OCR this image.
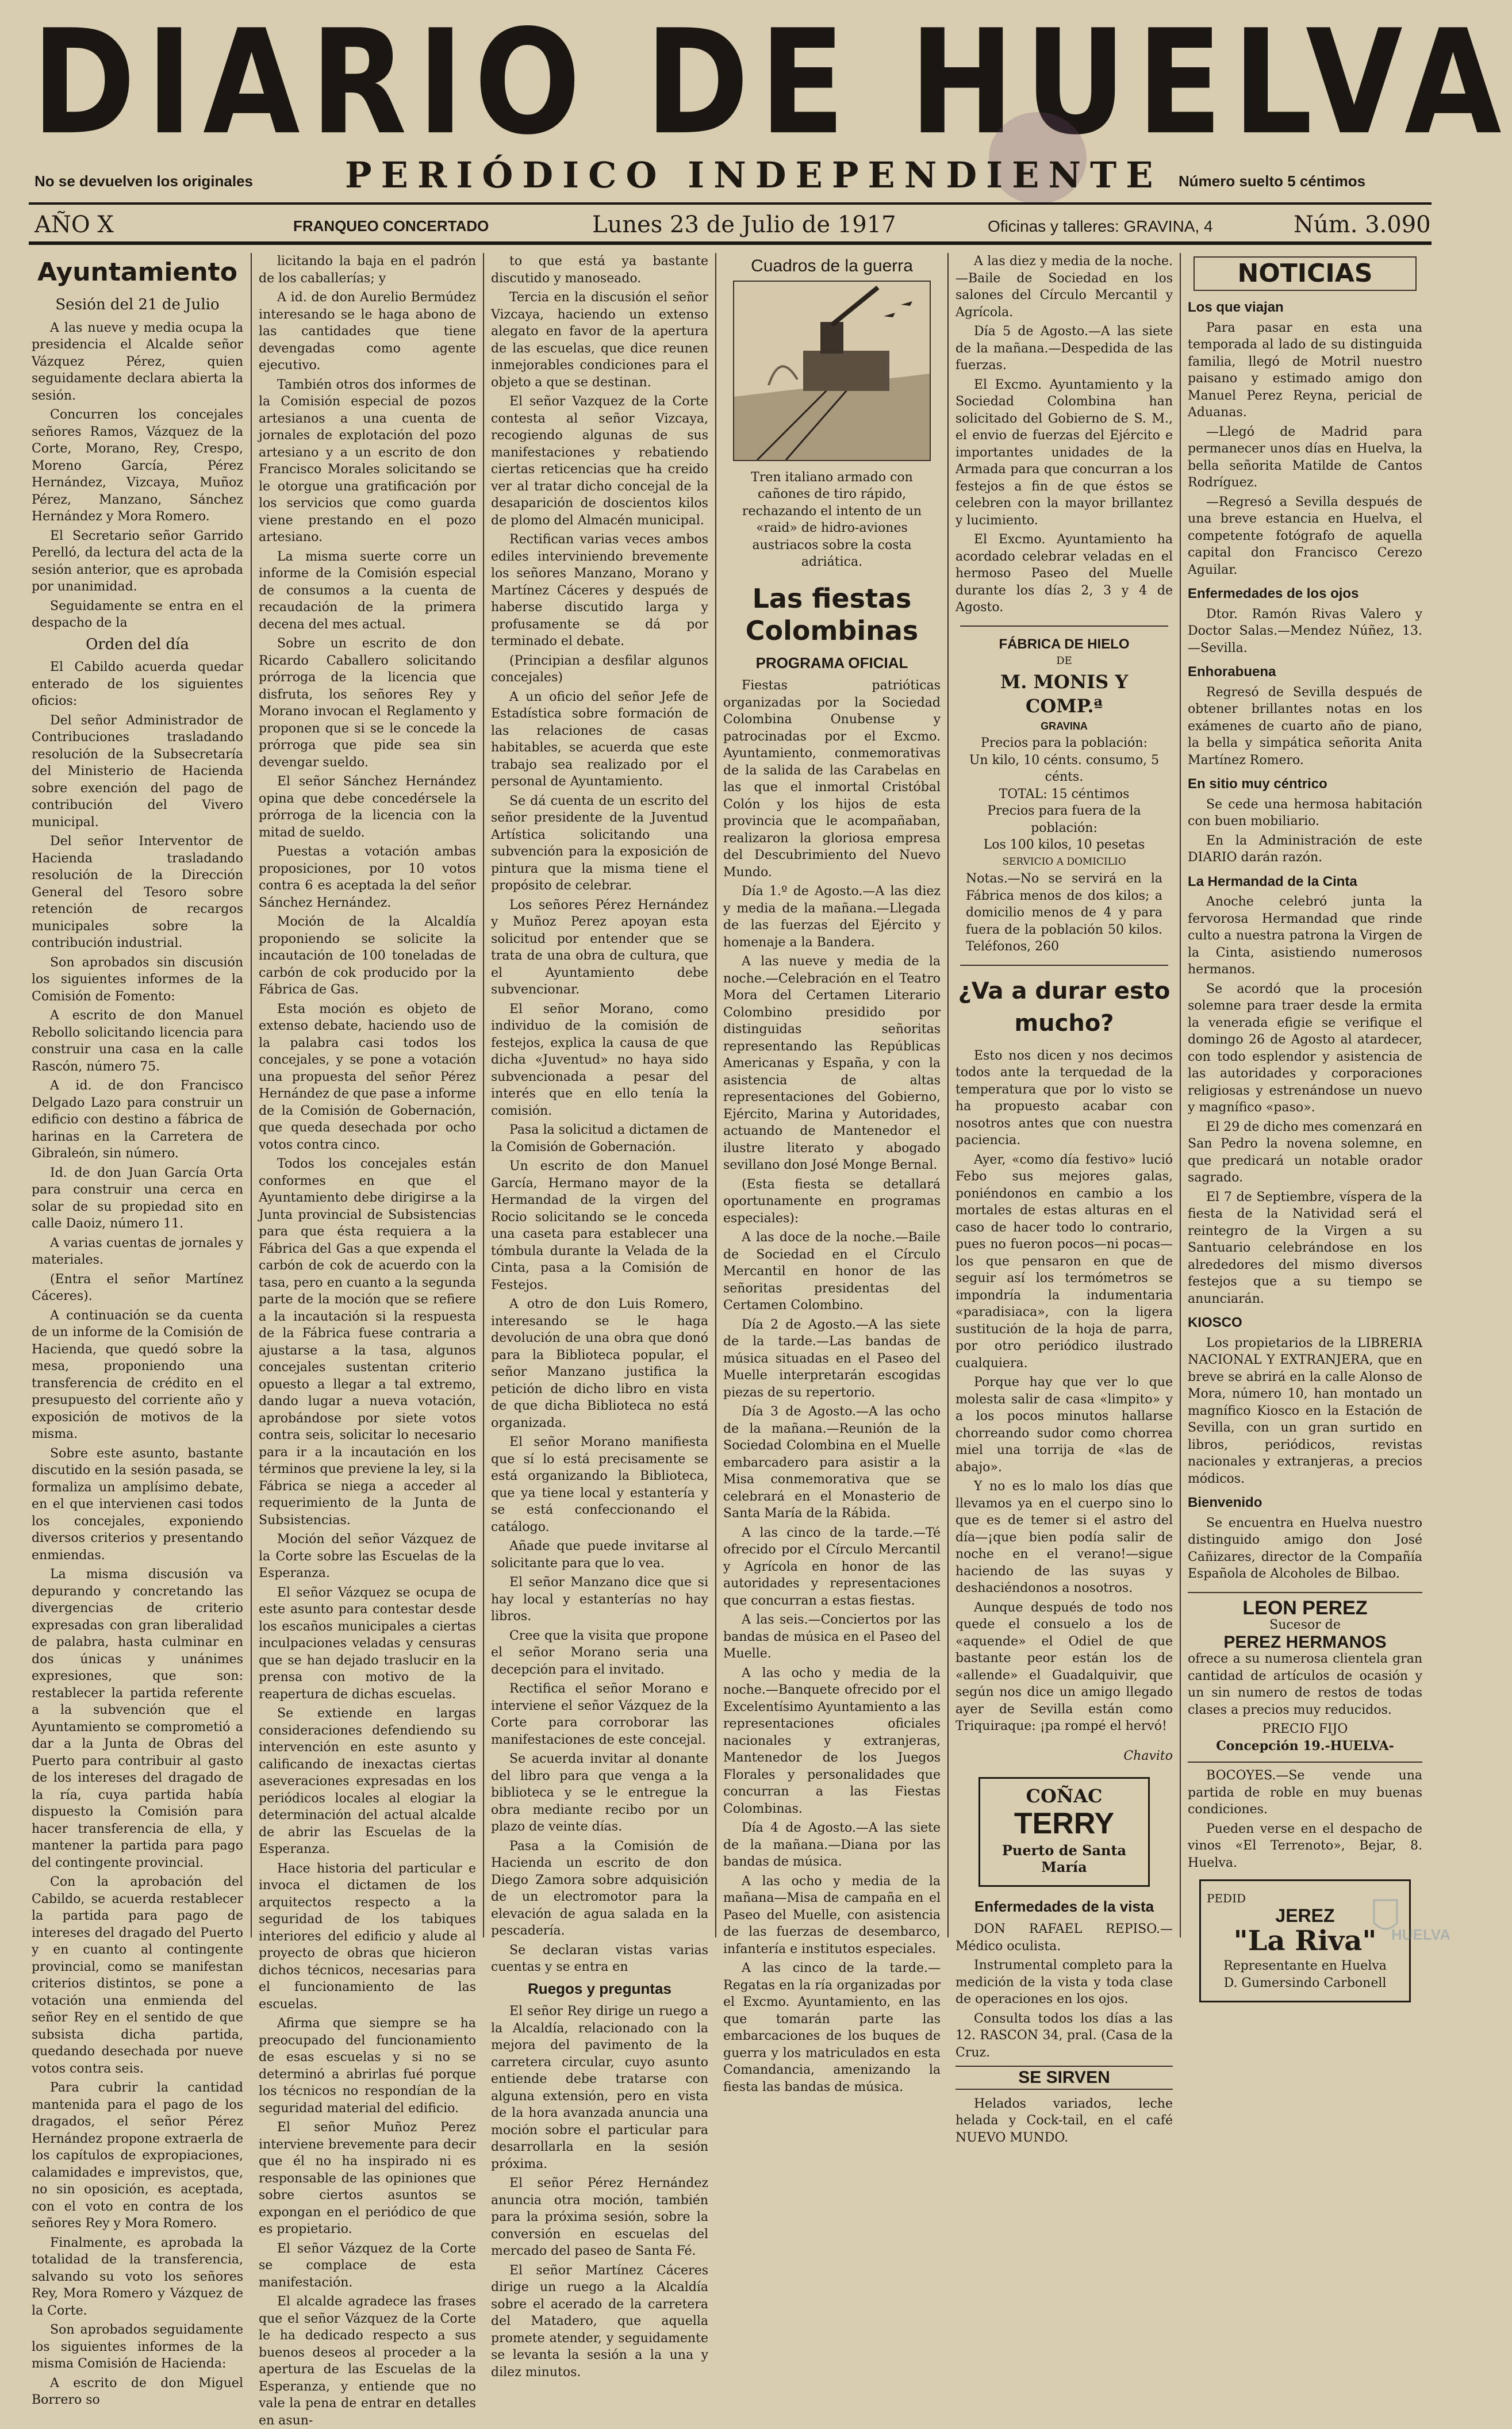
DIARIO DE HUELVA
No se devuelven los originales	PERIÓDICO INDEPENDIENTE Número suelto 5 céntimos
AÑO X	FRANQUEO CONCERTADO	Lunes 23 de Julio de 1917	Oficinas y talleres: GRAVINA, 4	Núm. 3.090
Ayuntamiento
Sesión del 21 de Julio

A las nueve y media ocupa la presidencia el Alcalde señor Vázquez Pérez, quien seguidamente declara abierta la sesión.

Concurren los concejales señores Ramos, Vázquez de la Corte, Morano, Rey, Crespo, Moreno García, Pérez Hernández, Vizcaya, Muñoz Pérez, Manzano, Sánchez Hernández y Mora Romero.

El Secretario señor Garrido Perelló, da lectura del acta de la sesión anterior, que es aprobada por unanimidad.

Seguidamente se entra en el despacho de la

Orden del día

El Cabildo acuerda quedar enterado de los siguientes oficios:

Del señor Administrador de Contribuciones trasladando resolución de la Subsecretaría del Ministerio de Hacienda sobre exención del pago de contribución del Vivero municipal.

Del señor Interventor de Hacienda trasladando resolución de la Dirección General del Tesoro sobre retención de recargos municipales sobre la contribución industrial.

Son aprobados sin discusión los siguientes informes de la Comisión de Fomento:

A escrito de don Manuel Rebollo solicitando licencia para construir una casa en la calle Rascón, número 75.

A id. de don Francisco Delgado Lazo para construir un edificio con destino a fábrica de harinas en la Carretera de Gibraleón, sin número.

Id. de don Juan García Orta para construir una cerca en solar de su propiedad sito en calle Daoiz, número 11.

A varias cuentas de jornales y materiales.

(Entra el señor Martínez Cáceres).

A continuación se da cuenta de un informe de la Comisión de Hacienda, que quedó sobre la mesa, proponiendo una transferencia de crédito en el presupuesto del corriente año y exposición de motivos de la misma.

Sobre este asunto, bastante discutido en la sesión pasada, se formaliza un amplísimo debate, en el que intervienen casi todos los concejales, exponiendo diversos criterios y presentando enmiendas.

La misma discusión va depurando y concretando las divergencias de criterio expresadas con gran liberalidad de palabra, hasta culminar en dos únicas y unánimes expresiones, que son: restablecer la partida referente a la subvención que el Ayuntamiento se comprometió a dar a la Junta de Obras del Puerto para contribuir al gasto de los intereses del dragado de la ría, cuya partida había dispuesto la Comisión para hacer transferencia de ella, y mantener la partida para pago del contingente provincial.

Con la aprobación del Cabildo, se acuerda restablecer la partida para pago de intereses del dragado del Puerto y en cuanto al contingente provincial, como se manifestan criterios distintos, se pone a votación una enmienda del señor Rey en el sentido de que subsista dicha partida, quedando desechada por nueve votos contra seis.

Para cubrir la cantidad mantenida para el pago de los dragados, el señor Pérez Hernández propone extraerla de los capítulos de expropiaciones, calamidades e imprevistos, que, no sin oposición, es aceptada, con el voto en contra de los señores Rey y Mora Romero.

Finalmente, es aprobada la totalidad de la transferencia, salvando su voto los señores Rey, Mora Romero y Vázquez de la Corte.

Son aprobados seguidamente los siguientes informes de la misma Comisión de Hacienda:

A escrito de don Miguel Borrero so

licitando la baja en el padrón de los caballerías; y

A id. de don Aurelio Bermúdez interesando se le haga abono de las cantidades que tiene devengadas como agente ejecutivo.

También otros dos informes de la Comisión especial de pozos artesianos a una cuenta de jornales de explotación del pozo artesiano y a un escrito de don Francisco Morales solicitando se le otorgue una gratificación por los servicios que como guarda viene prestando en el pozo artesiano.

La misma suerte corre un informe de la Comisión especial de consumos a la cuenta de recaudación de la primera decena del mes actual.

Sobre un escrito de don Ricardo Caballero solicitando prórroga de la licencia que disfruta, los señores Rey y Morano invocan el Reglamento y proponen que si se le concede la prórroga que pide sea sin devengar sueldo.

El señor Sánchez Hernández opina que debe concedérsele la prórroga de la licencia con la mitad de sueldo.

Puestas a votación ambas proposiciones, por 10 votos contra 6 es aceptada la del señor Sánchez Hernández.

Moción de la Alcaldía proponiendo se solicite la incautación de 100 toneladas de carbón de cok producido por la Fábrica de Gas.

Esta moción es objeto de extenso debate, haciendo uso de la palabra casi todos los concejales, y se pone a votación una propuesta del señor Pérez Hernández de que pase a informe de la Comisión de Gobernación, que queda desechada por ocho votos contra cinco.

Todos los concejales están conformes en que el Ayuntamiento debe dirigirse a la Junta provincial de Subsistencias para que ésta requiera a la Fábrica del Gas a que expenda el carbón de cok de acuerdo con la tasa, pero en cuanto a la segunda parte de la moción que se refiere a la incautación si la respuesta de la Fábrica fuese contraria a ajustarse a la tasa, algunos concejales sustentan criterio opuesto a llegar a tal extremo, dando lugar a nueva votación, aprobándose por siete votos contra seis, solicitar lo necesario para ir a la incautación en los términos que previene la ley, si la Fábrica se niega a acceder al requerimiento de la Junta de Subsistencias.

Moción del señor Vázquez de la Corte sobre las Escuelas de la Esperanza.

El señor Vázquez se ocupa de este asunto para contestar desde los escaños municipales a ciertas inculpaciones veladas y censuras que se han dejado traslucir en la prensa con motivo de la reapertura de dichas escuelas.

Se extiende en largas consideraciones defendiendo su intervención en este asunto y calificando de inexactas ciertas aseveraciones expresadas en los periódicos locales al elogiar la determinación del actual alcalde de abrir las Escuelas de la Esperanza.

Hace historia del particular e invoca el dictamen de los arquitectos respecto a la seguridad de los tabiques interiores del edificio y alude al proyecto de obras que hicieron dichos técnicos, necesarias para el funcionamiento de las escuelas.

Afirma que siempre se ha preocupado del funcionamiento de esas escuelas y si no se determinó a abrirlas fué porque los técnicos no respondían de la seguridad material del edificio.

El señor Muñoz Perez interviene brevemente para decir que él no ha inspirado ni es responsable de las opiniones que sobre ciertos asuntos se expongan en el periódico de que es propietario.

El señor Vázquez de la Corte se complace de esta manifestación.

El alcalde agradece las frases que el señor Vázquez de la Corte le ha dedicado respecto a sus buenos deseos al proceder a la apertura de las Escuelas de la Esperanza, y entiende que no vale la pena de entrar en detalles en asun-

to que está ya bastante discutido y manoseado.

Tercia en la discusión el señor Vizcaya, haciendo un extenso alegato en favor de la apertura de las escuelas, que dice reunen inmejorables condiciones para el objeto a que se destinan.

El señor Vazquez de la Corte contesta al señor Vizcaya, recogiendo algunas de sus manifestaciones y rebatiendo ciertas reticencias que ha creido ver al tratar dicho concejal de la desaparición de doscientos kilos de plomo del Almacén municipal.

Rectifican varias veces ambos ediles interviniendo brevemente los señores Manzano, Morano y Martínez Cáceres y después de haberse discutido larga y profusamente se dá por terminado el debate.

(Principian a desfilar algunos concejales)

A un oficio del señor Jefe de Estadística sobre formación de las relaciones de casas habitables, se acuerda que este trabajo sea realizado por el personal de Ayuntamiento.

Se dá cuenta de un escrito del señor presidente de la Juventud Artística solicitando una subvención para la exposición de pintura que la misma tiene el propósito de celebrar.

Los señores Pérez Hernández y Muñoz Perez apoyan esta solicitud por entender que se trata de una obra de cultura, que el Ayuntamiento debe subvencionar.

El señor Morano, como individuo de la comisión de festejos, explica la causa de que dicha «Juventud» no haya sido subvencionada a pesar del interés que en ello tenía la comisión.

Pasa la solicitud a dictamen de la Comisión de Gobernación.

Un escrito de don Manuel García, Hermano mayor de la Hermandad de la virgen del Rocio solicitando se le conceda una caseta para establecer una tómbula durante la Velada de la Cinta, pasa a la Comisión de Festejos.

A otro de don Luis Romero, interesando se le haga devolución de una obra que donó para la Biblioteca popular, el señor Manzano justifica la petición de dicho libro en vista de que dicha Biblioteca no está organizada.

El señor Morano manifiesta que sí lo está precisamente se está organizando la Biblioteca, que ya tiene local y estantería y se está confeccionando el catálogo.

Añade que puede invitarse al solicitante para que lo vea.

El señor Manzano dice que si hay local y estanterías no hay libros.

Cree que la visita que propone el señor Morano seria una decepción para el invitado.

Rectifica el señor Morano e interviene el señor Vázquez de la Corte para corroborar las manifestaciones de este concejal.

Se acuerda invitar al donante del libro para que venga a la biblioteca y se le entregue la obra mediante recibo por un plazo de veinte días.

Pasa a la Comisión de Hacienda un escrito de don Diego Zamora sobre adquisición de un electromotor para la elevación de agua salada en la pescadería.

Se declaran vistas varias cuentas y se entra en

Ruegos y preguntas

El señor Rey dirige un ruego a la Alcaldía, relacionado con la mejora del pavimento de la carretera circular, cuyo asunto entiende debe tratarse con alguna extensión, pero en vista de la hora avanzada anuncia una moción sobre el particular para desarrollarla en la sesión próxima.

El señor Pérez Hernández anuncia otra moción, también para la próxima sesión, sobre la conversión en escuelas del mercado del paseo de Santa Fé.

El señor Martínez Cáceres dirige un ruego a la Alcaldía sobre el acerado de la carretera del Matadero, que aquella promete atender, y seguidamente se levanta la sesión a la una y dilez minutos.

Cuadros de la guerra

Tren italiano armado con cañones de tiro rápido, rechazando el intento de un «raid» de hidro-aviones austriacos sobre la costa adriática.

Las fiestas Colombinas
PROGRAMA OFICIAL

Fiestas patrióticas organizadas por la Sociedad Colombina Onubense y patrocinadas por el Excmo. Ayuntamiento, conmemorativas de la salida de las Carabelas en las que el inmortal Cristóbal Colón y los hijos de esta provincia que le acompañaban, realizaron la gloriosa empresa del Descubrimiento del Nuevo Mundo.

Día 1.º de Agosto.—A las diez y media de la mañana.—Llegada de las fuerzas del Ejército y homenaje a la Bandera.

A las nueve y media de la noche.—Celebración en el Teatro Mora del Certamen Literario Colombino presidido por distinguidas señoritas representando las Repúblicas Americanas y España, y con la asistencia de altas representaciones del Gobierno, Ejército, Marina y Autoridades, actuando de Mantenedor el ilustre literato y abogado sevillano don José Monge Bernal.

(Esta fiesta se detallará oportunamente en programas especiales):

A las doce de la noche.—Baile de Sociedad en el Círculo Mercantil en honor de las señoritas presidentas del Certamen Colombino.

Día 2 de Agosto.—A las siete de la tarde.—Las bandas de música situadas en el Paseo del Muelle interpretarán escogidas piezas de su repertorio.

Día 3 de Agosto.—A las ocho de la mañana.—Reunión de la Sociedad Colombina en el Muelle embarcadero para asistir a la Misa conmemorativa que se celebrará en el Monasterio de Santa María de la Rábida.

A las cinco de la tarde.—Té ofrecido por el Círculo Mercantil y Agrícola en honor de las autoridades y representaciones que concurran a estas fiestas.

A las seis.—Conciertos por las bandas de música en el Paseo del Muelle.

A las ocho y media de la noche.—Banquete ofrecido por el Excelentísimo Ayuntamiento a las representaciones oficiales nacionales y extranjeras, Mantenedor de los Juegos Florales y personalidades que concurran a las Fiestas Colombinas.

Día 4 de Agosto.—A las siete de la mañana.—Diana por las bandas de música.

A las ocho y media de la mañana—Misa de campaña en el Paseo del Muelle, con asistencia de las fuerzas de desembarco, infantería e institutos especiales.

A las cinco de la tarde.—Regatas en la ría organizadas por el Excmo. Ayuntamiento, en las que tomarán parte las embarcaciones de los buques de guerra y los matriculados en esta Comandancia, amenizando la fiesta las bandas de música.

A las diez y media de la noche.—Baile de Sociedad en los salones del Círculo Mercantil y Agrícola.

Día 5 de Agosto.—A las siete de la mañana.—Despedida de las fuerzas.

El Excmo. Ayuntamiento y la Sociedad Colombina han solicitado del Gobierno de S. M., el envio de fuerzas del Ejército e importantes unidades de la Armada para que concurran a los festejos a fin de que éstos se celebren con la mayor brillantez y lucimiento.

El Excmo. Ayuntamiento ha acordado celebrar veladas en el hermoso Paseo del Muelle durante los días 2, 3 y 4 de Agosto.

FÁBRICA DE HIELO
DE
M. MONIS Y COMP.ª
GRAVINA
Precios para la población:
Un kilo, 10 cénts. consumo, 5 cénts.
TOTAL: 15 céntimos
Precios para fuera de la población:
Los 100 kilos, 10 pesetas
SERVICIO A DOMICILIO
Notas.—No se servirá en la Fábrica menos de dos kilos; a domicilio menos de 4 y para fuera de la población 50 kilos. Teléfonos, 260
¿Va a durar esto mucho?

Esto nos dicen y nos decimos todos ante la terquedad de la temperatura que por lo visto se ha propuesto acabar con nosotros antes que con nuestra paciencia.

Ayer, «como día festivo» lució Febo sus mejores galas, poniéndonos en cambio a los mortales de estas alturas en el caso de hacer todo lo contrario, pues no fueron pocos—ni pocas—los que pensaron en que de seguir así los termómetros se impondría la indumentaria «paradisiaca», con la ligera sustitución de la hoja de parra, por otro periódico ilustrado cualquiera.

Porque hay que ver lo que molesta salir de casa «limpito» y a los pocos minutos hallarse chorreando sudor como chorrea miel una torrija de «las de abajo».

Y no es lo malo los días que llevamos ya en el cuerpo sino lo que es de temer si el astro del día—¡que bien podía salir de noche en el verano!—sigue haciendo de las suyas y deshaciéndonos a nosotros.

Aunque después de todo nos quede el consuelo a los de «aquende» el Odiel de que bastante peor están los de «allende» el Guadalquivir, que según nos dice un amigo llegado ayer de Sevilla están como Triquiraque: ¡pa rompé el hervó!

Chavito

COÑAC
TERRY
Puerto de Santa María
Enfermedades de la vista

DON RAFAEL REPISO.—Médico oculista.

Instrumental completo para la medición de la vista y toda clase de operaciones en los ojos.

Consulta todos los días a las 12. RASCON 34, pral. (Casa de la Cruz.

SE SIRVEN

Helados variados, leche helada y Cock-tail, en el café NUEVO MUNDO.

NOTICIAS
Los que viajan

Para pasar en esta una temporada al lado de su distinguida familia, llegó de Motril nuestro paisano y estimado amigo don Manuel Perez Reyna, pericial de Aduanas.

—Llegó de Madrid para permanecer unos días en Huelva, la bella señorita Matilde de Cantos Rodríguez.

—Regresó a Sevilla después de una breve estancia en Huelva, el competente fotógrafo de aquella capital don Francisco Cerezo Aguilar.

Enfermedades de los ojos

Dtor. Ramón Rivas Valero y Doctor Salas.—Mendez Núñez, 13.—Sevilla.

Enhorabuena

Regresó de Sevilla después de obtener brillantes notas en los exámenes de cuarto año de piano, la bella y simpática señorita Anita Martínez Romero.

En sitio muy céntrico

Se cede una hermosa habitación con buen mobiliario.

En la Administración de este DIARIO darán razón.

La Hermandad de la Cinta

Anoche celebró junta la fervorosa Hermandad que rinde culto a nuestra patrona la Virgen de la Cinta, asistiendo numerosos hermanos.

Se acordó que la procesión solemne para traer desde la ermita la venerada efigie se verifique el domingo 26 de Agosto al atardecer, con todo esplendor y asistencia de las autoridades y corporaciones religiosas y estrenándose un nuevo y magnífico «paso».

El 29 de dicho mes comenzará en San Pedro la novena solemne, en que predicará un notable orador sagrado.

El 7 de Septiembre, víspera de la fiesta de la Natividad será el reintegro de la Virgen a su Santuario celebrándose en los alrededores del mismo diversos festejos que a su tiempo se anunciarán.

KIOSCO

Los propietarios de la LIBRERIA NACIONAL Y EXTRANJERA, que en breve se abrirá en la calle Alonso de Mora, número 10, han montado un magnífico Kiosco en la Estación de Sevilla, con un gran surtido en libros, periódicos, revistas nacionales y extranjeras, a precios módicos.

Bienvenido

Se encuentra en Huelva nuestro distinguido amigo don José Cañizares, director de la Compañía Española de Alcoholes de Bilbao.

LEON PEREZ
Sucesor de
PEREZ HERMANOS

ofrece a su numerosa clientela gran cantidad de artículos de ocasión y un sin numero de restos de todas clases a precios muy reducidos.

PRECIO FIJO
Concepción 19.-HUELVA-

BOCOYES.—Se vende una partida de roble en muy buenas condiciones.

Pueden verse en el despacho de vinos «El Terrenoto», Bejar, 8. Huelva.

PEDID
JEREZ
"La Riva"
Representante en Huelva
D. Gumersindo Carbonell
HUELVA
